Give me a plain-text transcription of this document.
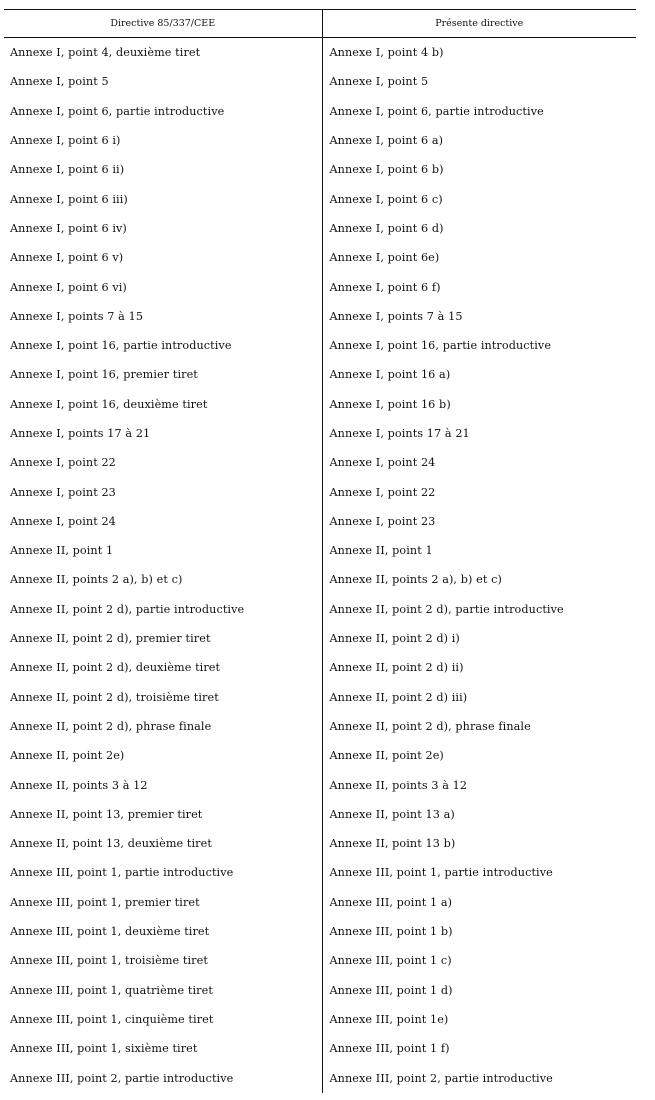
Directive 85/337/CEE	Présente directive
Annexe I, point 4, deuxième tiret	Annexe I, point 4 b)
Annexe I, point 5	Annexe I, point 5
Annexe I, point 6, partie introductive	Annexe I, point 6, partie introductive
Annexe I, point 6 i)	Annexe I, point 6 a)
Annexe I, point 6 ii)	Annexe I, point 6 b)
Annexe I, point 6 iii)	Annexe I, point 6 c)
Annexe I, point 6 iv)	Annexe I, point 6 d)
Annexe I, point 6 v)	Annexe I, point 6e)
Annexe I, point 6 vi)	Annexe I, point 6 f)
Annexe I, points 7 à 15	Annexe I, points 7 à 15
Annexe I, point 16, partie introductive	Annexe I, point 16, partie introductive
Annexe I, point 16, premier tiret	Annexe I, point 16 a)
Annexe I, point 16, deuxième tiret	Annexe I, point 16 b)
Annexe I, points 17 à 21	Annexe I, points 17 à 21
Annexe I, point 22	Annexe I, point 24
Annexe I, point 23	Annexe I, point 22
Annexe I, point 24	Annexe I, point 23
Annexe II, point 1	Annexe II, point 1
Annexe II, points 2 a), b) et c)	Annexe II, points 2 a), b) et c)
Annexe II, point 2 d), partie introductive	Annexe II, point 2 d), partie introductive
Annexe II, point 2 d), premier tiret	Annexe II, point 2 d) i)
Annexe II, point 2 d), deuxième tiret	Annexe II, point 2 d) ii)
Annexe II, point 2 d), troisième tiret	Annexe II, point 2 d) iii)
Annexe II, point 2 d), phrase finale	Annexe II, point 2 d), phrase finale
Annexe II, point 2e)	Annexe II, point 2e)
Annexe II, points 3 à 12	Annexe II, points 3 à 12
Annexe II, point 13, premier tiret	Annexe II, point 13 a)
Annexe II, point 13, deuxième tiret	Annexe II, point 13 b)
Annexe III, point 1, partie introductive	Annexe III, point 1, partie introductive
Annexe III, point 1, premier tiret	Annexe III, point 1 a)
Annexe III, point 1, deuxième tiret	Annexe III, point 1 b)
Annexe III, point 1, troisième tiret	Annexe III, point 1 c)
Annexe III, point 1, quatrième tiret	Annexe III, point 1 d)
Annexe III, point 1, cinquième tiret	Annexe III, point 1e)
Annexe III, point 1, sixième tiret	Annexe III, point 1 f)
Annexe III, point 2, partie introductive	Annexe III, point 2, partie introductive
